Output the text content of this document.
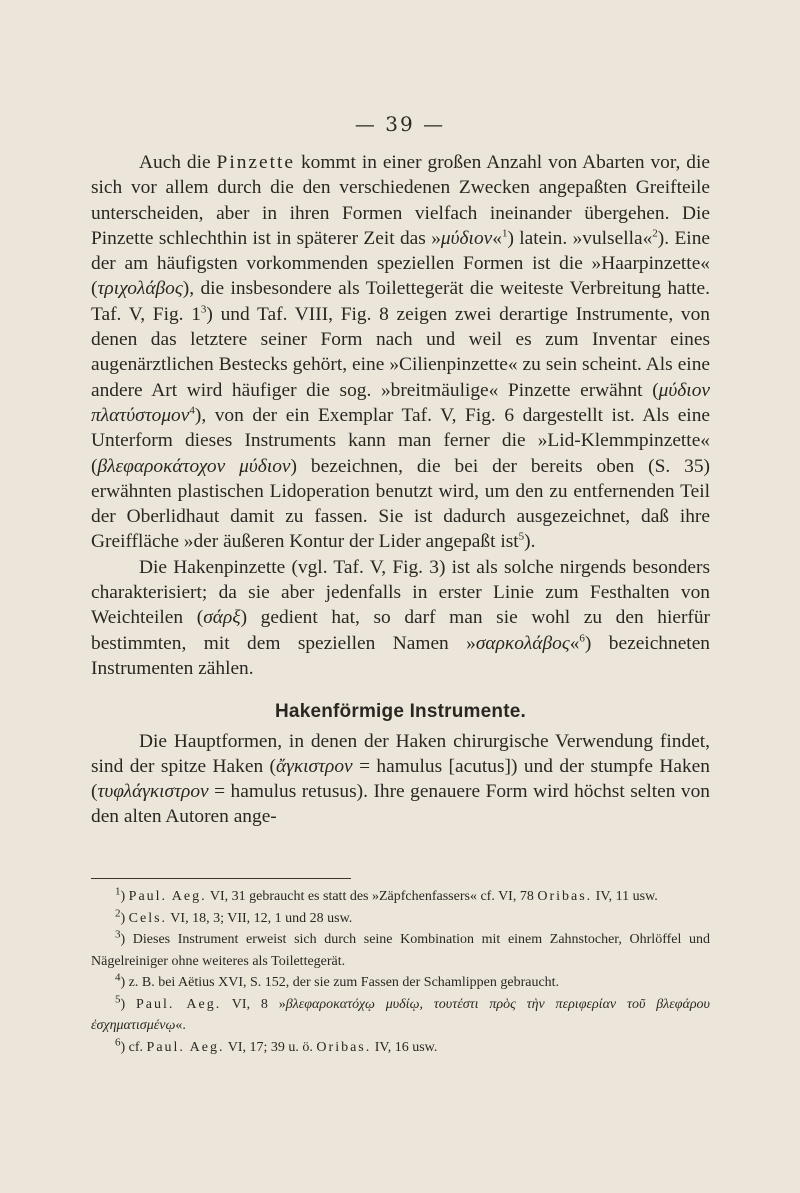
— 39 —

Auch die Pinzette kommt in einer großen Anzahl von Abarten vor, die sich vor allem durch die den verschiedenen Zwecken angepaßten Greifteile unterscheiden, aber in ihren Formen vielfach ineinander übergehen. Die Pinzette schlechthin ist in späterer Zeit das »μύδιον«$^1$) latein. »vulsella«$^2$). Eine der am häufigsten vorkommenden speziellen Formen ist die »Haarpinzette« (τριχολάβος), die insbesondere als Toilettegerät die weiteste Verbreitung hatte. Taf. V, Fig. $1^3$) und Taf. VIII, Fig. 8 zeigen zwei derartige Instrumente, von denen das letztere seiner Form nach und weil es zum Inventar eines augenärztlichen Bestecks gehört, eine »Cilienpinzette« zu sein scheint. Als eine andere Art wird häufiger die sog. »breitmäulige« Pinzette erwähnt (μύδιον πλατύστομον$^4$), von der ein Exemplar Taf. V, Fig. 6 dargestellt ist. Als eine Unterform dieses Instruments kann man ferner die »Lid-Klemmpinzette« (βλεφαροκάτοχον μύδιον) bezeichnen, die bei der bereits oben (S. 35) erwähnten plastischen Lidoperation benutzt wird, um den zu entfernenden Teil der Oberlidhaut damit zu fassen. Sie ist dadurch ausgezeichnet, daß ihre Greiffläche »der äußeren Kontur der Lider angepaßt ist$^5$).

Die Hakenpinzette (vgl. Taf. V, Fig. 3) ist als solche nirgends besonders charakterisiert; da sie aber jedenfalls in erster Linie zum Festhalten von Weichteilen (σάρξ) gedient hat, so darf man sie wohl zu den hierfür bestimmten, mit dem speziellen Namen »σαρκολάβος«$^6$) bezeichneten Instrumenten zählen.

Hakenförmige Instrumente.

Die Hauptformen, in denen der Haken chirurgische Verwendung findet, sind der spitze Haken (ἄγκιστρον = hamulus [acutus]) und der stumpfe Haken (τυφλάγκιστρον = hamulus retusus). Ihre genauere Form wird höchst selten von den alten Autoren ange-

$^1$) Paul. Aeg. VI, 31 gebraucht es statt des »Zäpfchenfassers« cf. VI, 78 Oribas. IV, 11 usw.

$^2$) Cels. VI, 18, 3; VII, 12, 1 und 28 usw.

$^3$) Dieses Instrument erweist sich durch seine Kombination mit einem Zahnstocher, Ohrlöffel und Nägelreiniger ohne weiteres als Toilettegerät.

$^4$) z. B. bei Aëtius XVI, S. 152, der sie zum Fassen der Schamlippen gebraucht.

$^5$) Paul. Aeg. VI, 8 »βλεφαροκατόχῳ μυδίῳ, τουτέστι πρὸς τὴν περιφερίαν τοῦ βλεφάρου ἐσχηματισμένῳ«.

$^6$) cf. Paul. Aeg. VI, 17; 39 u. ö. Oribas. IV, 16 usw.
